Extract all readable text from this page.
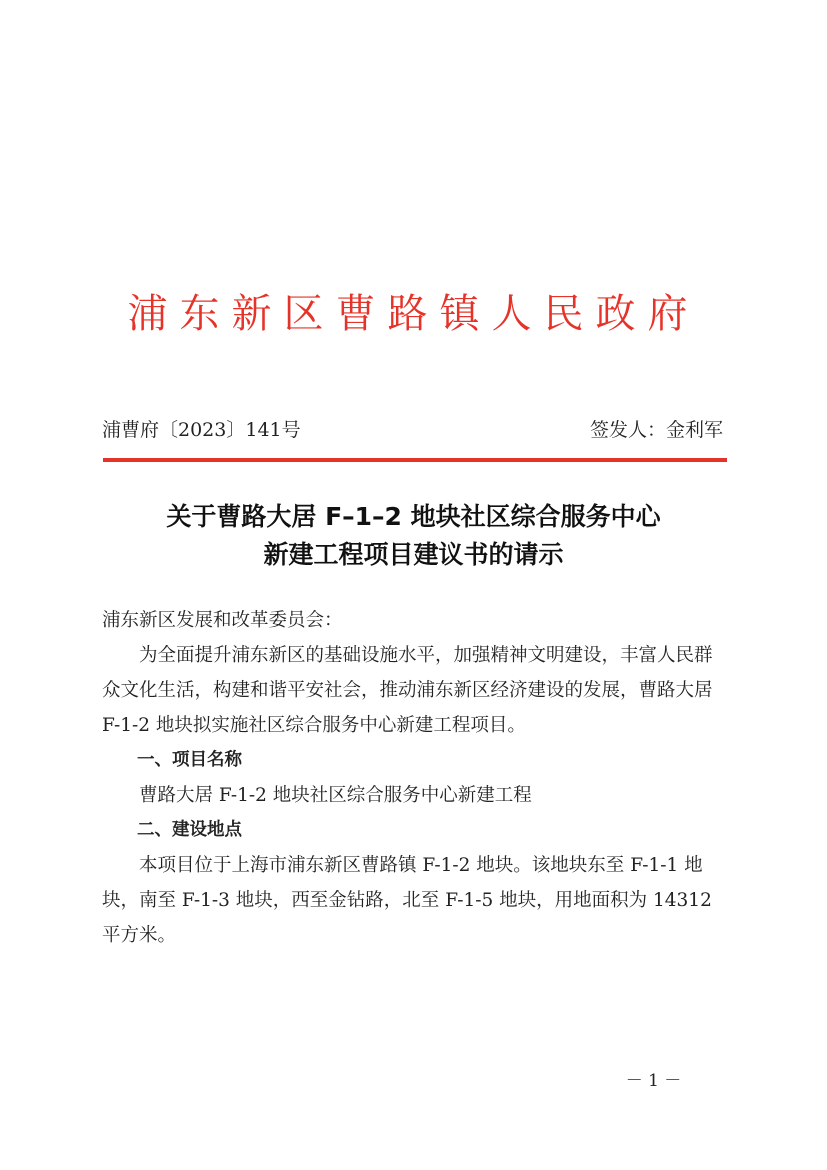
浦东新区曹路镇人民政府
浦曹府〔2023〕141号	签发人：金利军
关于曹路大居 F–1–2 地块社区综合服务中心
新建工程项目建议书的请示

浦东新区发展和改革委员会：

为全面提升浦东新区的基础设施水平，加强精神文明建设，丰富人民群众文化生活，构建和谐平安社会，推动浦东新区经济建设的发展，曹路大居 F-1-2 地块拟实施社区综合服务中心新建工程项目。

一、项目名称

曹路大居 F-1-2 地块社区综合服务中心新建工程

二、建设地点

本项目位于上海市浦东新区曹路镇 F-1-2 地块。该地块东至 F-1-1 地块，南至 F-1-3 地块，西至金钻路，北至 F-1-5 地块，用地面积为 14312 平方米。

－ 1 －
